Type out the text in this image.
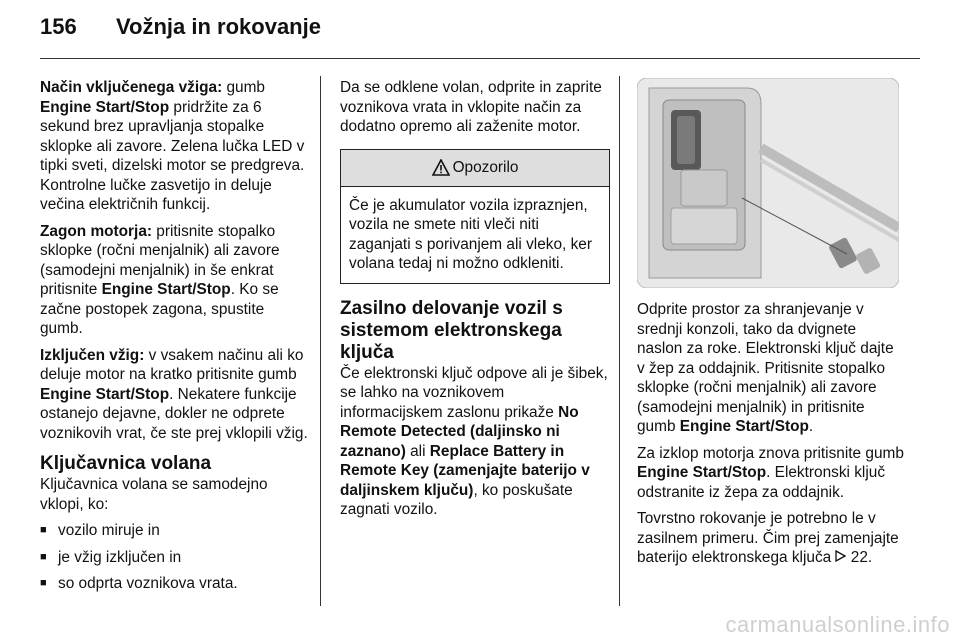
156 Vožnja in rokovanje

Način vključenega vžiga: gumb
Engine Start/Stop pridržite za 6 sekund brez upravljanja stopalke sklopke ali zavore. Zelena lučka LED v tipki sveti, dizelski motor se predgreva. Kontrolne lučke zasvetijo in deluje večina električnih funkcij.

Zagon motorja: pritisnite stopalko sklopke (ročni menjalnik) ali zavore (samodejni menjalnik) in še enkrat pritisnite Engine Start/Stop. Ko se začne postopek zagona, spustite gumb.

Izključen vžig: v vsakem načinu ali ko deluje motor na kratko pritisnite gumb Engine Start/Stop. Nekatere funkcije ostanejo dejavne, dokler ne odprete voznikovih vrat, če ste prej vklopili vžig.

Ključavnica volana

Ključavnica volana se samodejno vklopi, ko:

■ vozilo miruje in
■ je vžig izključen in
■ so odprta voznikova vrata.

Da se odklene volan, odprite in zaprite voznikova vrata in vklopite način za dodatno opremo ali zaženite motor.

Opozorilo
Če je akumulator vozila izpraznjen, vozila ne smete niti vleči niti zaganjati s porivanjem ali vleko, ker volana tedaj ni možno odkleniti.
Zasilno delovanje vozil s sistemom elektronskega ključa

Če elektronski ključ odpove ali je šibek, se lahko na voznikovem informacijskem zaslonu prikaže No Remote Detected (daljinsko ni zaznano) ali Replace Battery in Remote Key (zamenjajte baterijo v daljinskem ključu), ko poskušate zagnati vozilo.

Odprite prostor za shranjevanje v srednji konzoli, tako da dvignete naslon za roke. Elektronski ključ dajte v žep za oddajnik. Pritisnite stopalko sklopke (ročni menjalnik) ali zavore (samodejni menjalnik) in pritisnite gumb Engine Start/Stop.

Za izklop motorja znova pritisnite gumb Engine Start/Stop. Elektronski ključ odstranite iz žepa za oddajnik.

Tovrstno rokovanje je potrebno le v zasilnem primeru. Čim prej zamenjajte baterijo elektronskega ključa  22.

carmanualsonline.info
